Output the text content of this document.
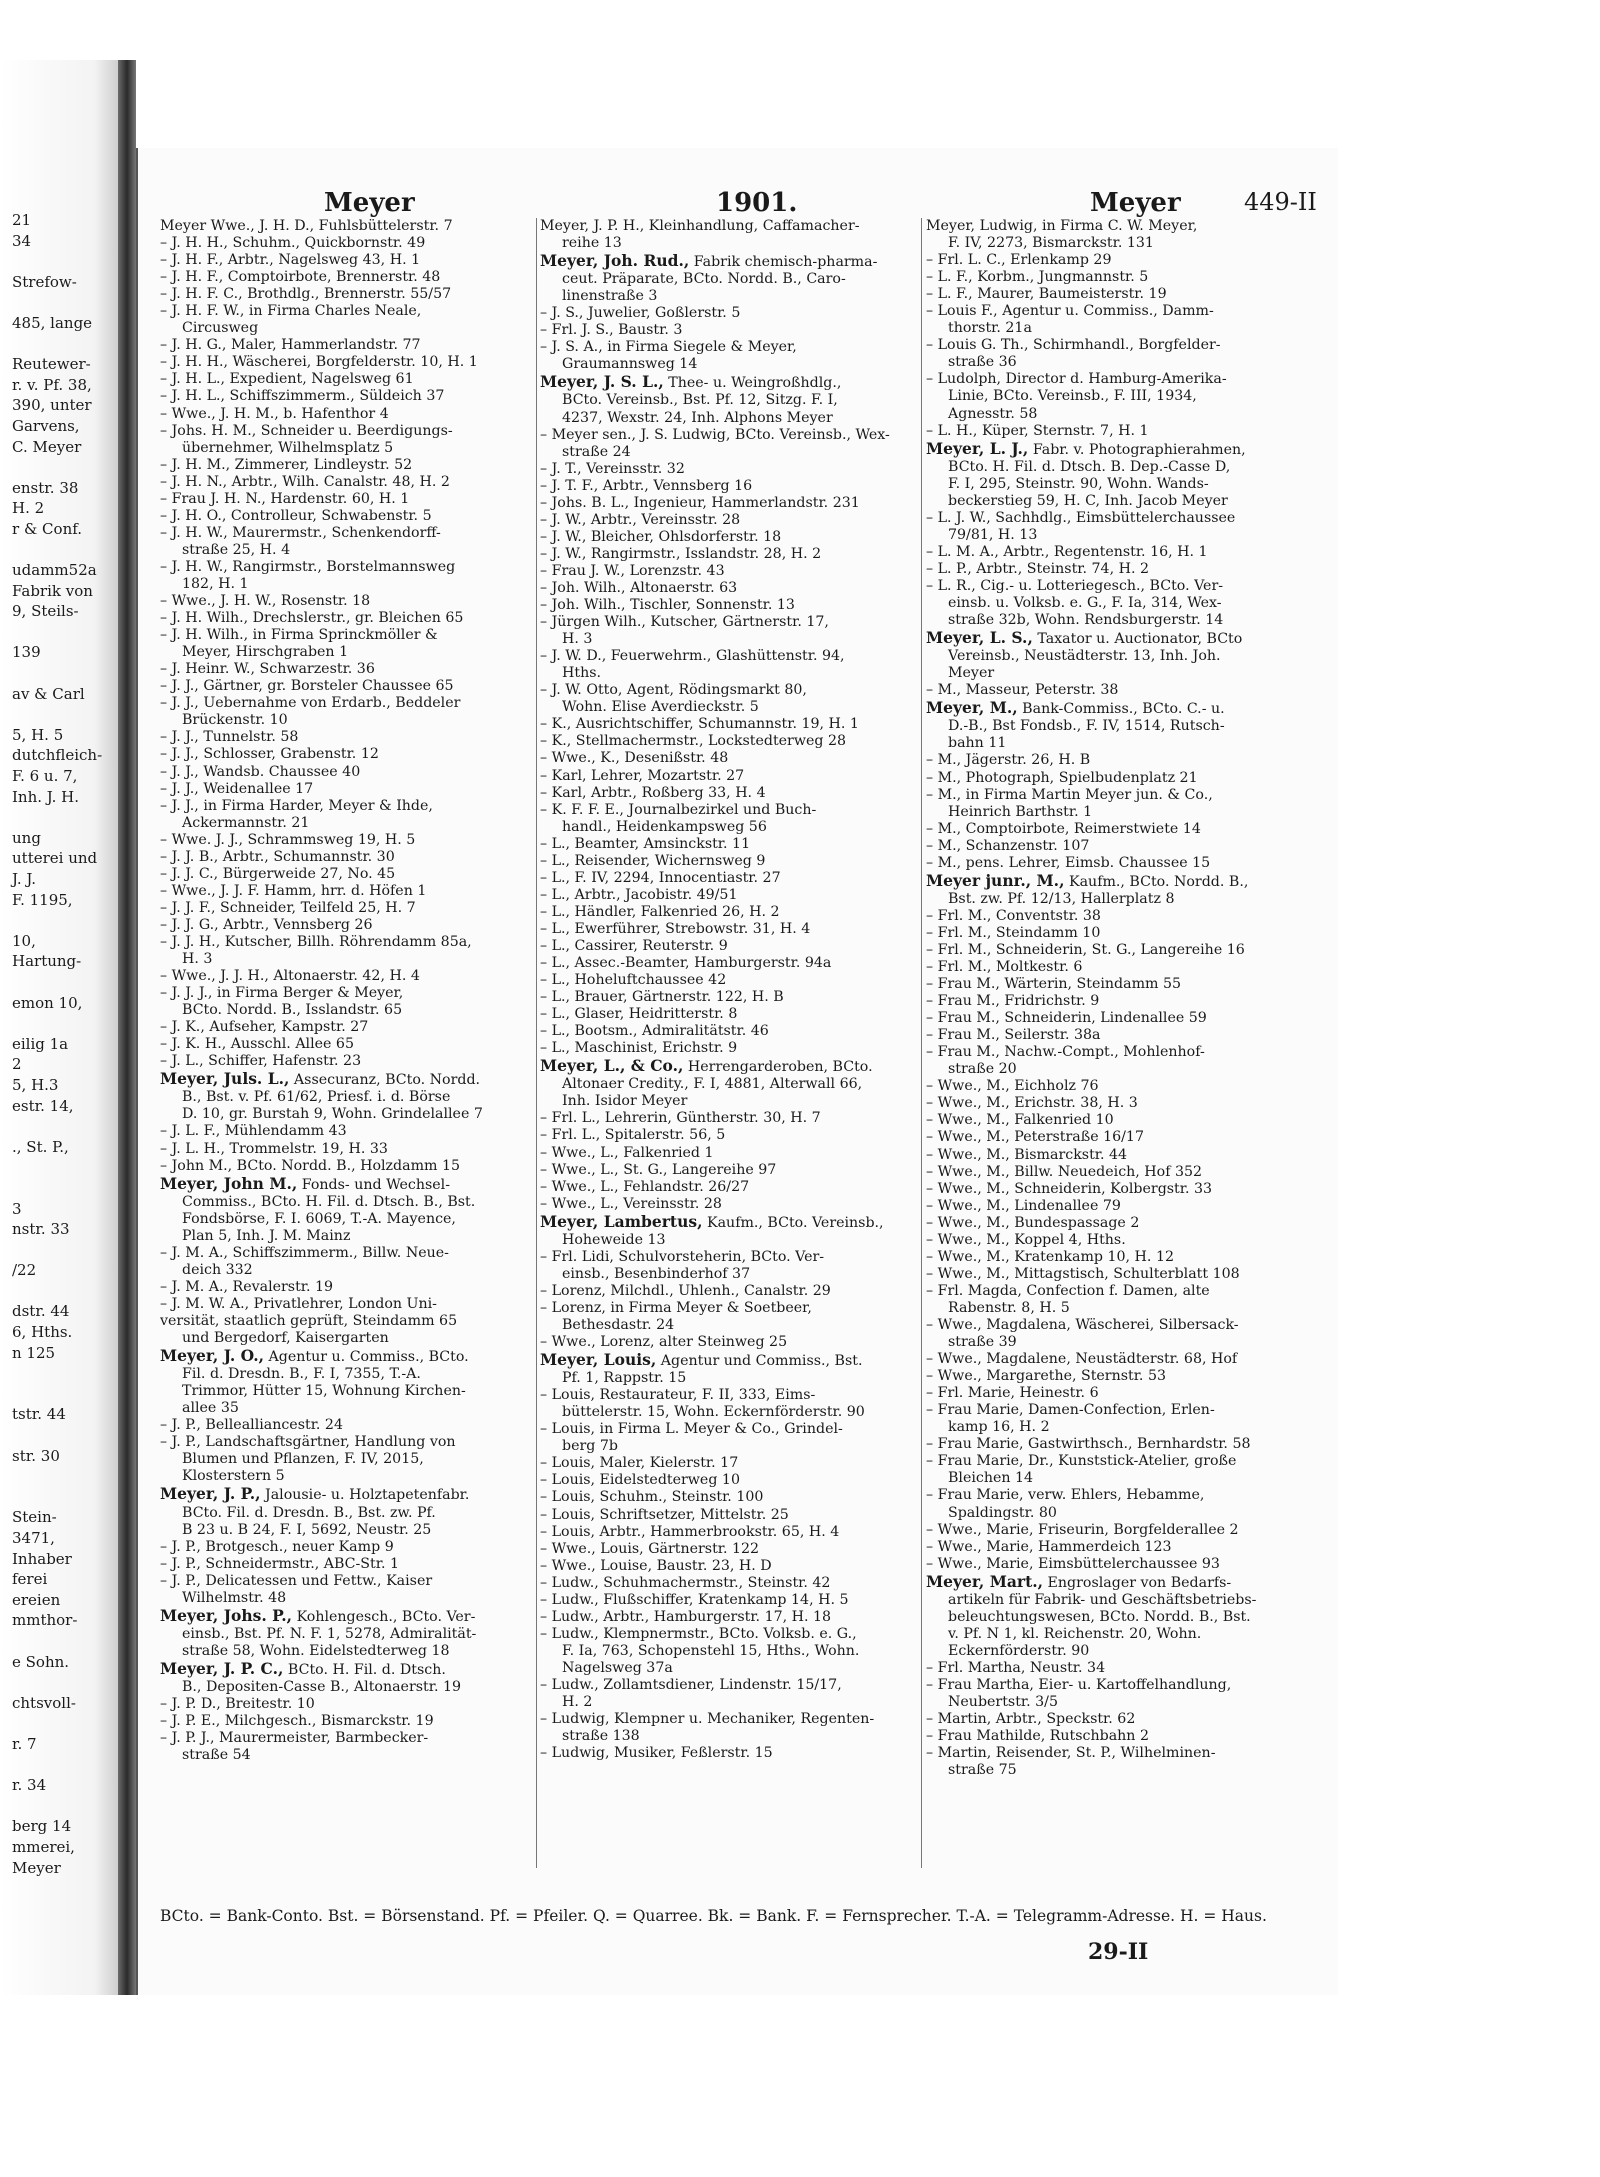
21
34

Strefow-

485, lange

Reutewer-
r. v. Pf. 38,
390, unter
Garvens,
C. Meyer

enstr. 38
H. 2
r & Conf.

udamm52a
Fabrik von
9, Steils-

139

av & Carl

5, H. 5
dutchfleich-
F. 6 u. 7,
Inh. J. H.

ung
utterei und
J. J.
F. 1195,

10,
Hartung-

emon 10,

eilig 1a
2
5, H.3
estr. 14,

., St. P.,

3
nstr. 33

/22

dstr. 44
6, Hths.
n 125

tstr. 44

str. 30

Stein-
3471,
Inhaber
ferei
ereien
mmthor-

e Sohn.

chtsvoll-

r. 7

r. 34

berg 14
mmerei,
Meyer
Meyer	1901.	Meyer	449-II
Meyer Wwe., J. H. D., Fuhlsbüttelerstr. 7
– J. H. H., Schuhm., Quickbornstr. 49
– J. H. F., Arbtr., Nagelsweg 43, H. 1
– J. H. F., Comptoirbote, Brennerstr. 48
– J. H. F. C., Brothdlg., Brennerstr. 55/57
– J. H. F. W., in Firma Charles Neale,
Circusweg
– J. H. G., Maler, Hammerlandstr. 77
– J. H. H., Wäscherei, Borgfelderstr. 10, H. 1
– J. H. L., Expedient, Nagelsweg 61
– J. H. L., Schiffszimmerm., Süldeich 37
– Wwe., J. H. M., b. Hafenthor 4
– Johs. H. M., Schneider u. Beerdigungs-
übernehmer, Wilhelmsplatz 5
– J. H. M., Zimmerer, Lindleystr. 52
– J. H. N., Arbtr., Wilh. Canalstr. 48, H. 2
– Frau J. H. N., Hardenstr. 60, H. 1
– J. H. O., Controlleur, Schwabenstr. 5
– J. H. W., Maurermstr., Schenkendorff-
straße 25, H. 4
– J. H. W., Rangirmstr., Borstelmannsweg
182, H. 1
– Wwe., J. H. W., Rosenstr. 18
– J. H. Wilh., Drechslerstr., gr. Bleichen 65
– J. H. Wilh., in Firma Sprinckmöller &
Meyer, Hirschgraben 1
– J. Heinr. W., Schwarzestr. 36
– J. J., Gärtner, gr. Borsteler Chaussee 65
– J. J., Uebernahme von Erdarb., Beddeler
Brückenstr. 10
– J. J., Tunnelstr. 58
– J. J., Schlosser, Grabenstr. 12
– J. J., Wandsb. Chaussee 40
– J. J., Weidenallee 17
– J. J., in Firma Harder, Meyer & Ihde,
Ackermannstr. 21
– Wwe. J. J., Schrammsweg 19, H. 5
– J. J. B., Arbtr., Schumannstr. 30
– J. J. C., Bürgerweide 27, No. 45
– Wwe., J. J. F. Hamm, hrr. d. Höfen 1
– J. J. F., Schneider, Teilfeld 25, H. 7
– J. J. G., Arbtr., Vennsberg 26
– J. J. H., Kutscher, Billh. Röhrendamm 85a,
H. 3
– Wwe., J. J. H., Altonaerstr. 42, H. 4
– J. J. J., in Firma Berger & Meyer,
BCto. Nordd. B., Isslandstr. 65
– J. K., Aufseher, Kampstr. 27
– J. K. H., Ausschl. Allee 65
– J. L., Schiffer, Hafenstr. 23
Meyer, Juls. L., Assecuranz, BCto. Nordd.
B., Bst. v. Pf. 61/62, Priesf. i. d. Börse
D. 10, gr. Burstah 9, Wohn. Grindelallee 7
– J. L. F., Mühlendamm 43
– J. L. H., Trommelstr. 19, H. 33
– John M., BCto. Nordd. B., Holzdamm 15
Meyer, John M., Fonds- und Wechsel-
Commiss., BCto. H. Fil. d. Dtsch. B., Bst.
Fondsbörse, F. I. 6069, T.-A. Mayence,
Plan 5, Inh. J. M. Mainz
– J. M. A., Schiffszimmerm., Billw. Neue-
deich 332
– J. M. A., Revalerstr. 19
– J. M. W. A., Privatlehrer, London Uni-
versität, staatlich geprüft, Steindamm 65
und Bergedorf, Kaisergarten
Meyer, J. O., Agentur u. Commiss., BCto.
Fil. d. Dresdn. B., F. I, 7355, T.-A.
Trimmor, Hütter 15, Wohnung Kirchen-
allee 35
– J. P., Bellealliancestr. 24
– J. P., Landschaftsgärtner, Handlung von
Blumen und Pflanzen, F. IV, 2015,
Klosterstern 5
Meyer, J. P., Jalousie- u. Holztapetenfabr.
BCto. Fil. d. Dresdn. B., Bst. zw. Pf.
B 23 u. B 24, F. I, 5692, Neustr. 25
– J. P., Brotgesch., neuer Kamp 9
– J. P., Schneidermstr., ABC-Str. 1
– J. P., Delicatessen und Fettw., Kaiser
Wilhelmstr. 48
Meyer, Johs. P., Kohlengesch., BCto. Ver-
einsb., Bst. Pf. N. F. 1, 5278, Admiralität-
straße 58, Wohn. Eidelstedterweg 18
Meyer, J. P. C., BCto. H. Fil. d. Dtsch.
B., Depositen-Casse B., Altonaerstr. 19
– J. P. D., Breitestr. 10
– J. P. E., Milchgesch., Bismarckstr. 19
– J. P. J., Maurermeister, Barmbecker-
straße 54
Meyer, J. P. H., Kleinhandlung, Caffamacher-
reihe 13
Meyer, Joh. Rud., Fabrik chemisch-pharma-
ceut. Präparate, BCto. Nordd. B., Caro-
linenstraße 3
– J. S., Juwelier, Goßlerstr. 5
– Frl. J. S., Baustr. 3
– J. S. A., in Firma Siegele & Meyer,
Graumannsweg 14
Meyer, J. S. L., Thee- u. Weingroßhdlg.,
BCto. Vereinsb., Bst. Pf. 12, Sitzg. F. I,
4237, Wexstr. 24, Inh. Alphons Meyer
– Meyer sen., J. S. Ludwig, BCto. Vereinsb., Wex-
straße 24
– J. T., Vereinsstr. 32
– J. T. F., Arbtr., Vennsberg 16
– Johs. B. L., Ingenieur, Hammerlandstr. 231
– J. W., Arbtr., Vereinsstr. 28
– J. W., Bleicher, Ohlsdorferstr. 18
– J. W., Rangirmstr., Isslandstr. 28, H. 2
– Frau J. W., Lorenzstr. 43
– Joh. Wilh., Altonaerstr. 63
– Joh. Wilh., Tischler, Sonnenstr. 13
– Jürgen Wilh., Kutscher, Gärtnerstr. 17,
H. 3
– J. W. D., Feuerwehrm., Glashüttenstr. 94,
Hths.
– J. W. Otto, Agent, Rödingsmarkt 80,
Wohn. Elise Averdieckstr. 5
– K., Ausrichtschiffer, Schumannstr. 19, H. 1
– K., Stellmachermstr., Lockstedterweg 28
– Wwe., K., Desenißstr. 48
– Karl, Lehrer, Mozartstr. 27
– Karl, Arbtr., Roßberg 33, H. 4
– K. F. F. E., Journalbezirkel und Buch-
handl., Heidenkampsweg 56
– L., Beamter, Amsinckstr. 11
– L., Reisender, Wichernsweg 9
– L., F. IV, 2294, Innocentiastr. 27
– L., Arbtr., Jacobistr. 49/51
– L., Händler, Falkenried 26, H. 2
– L., Ewerführer, Strebowstr. 31, H. 4
– L., Cassirer, Reuterstr. 9
– L., Assec.-Beamter, Hamburgerstr. 94a
– L., Hoheluftchaussee 42
– L., Brauer, Gärtnerstr. 122, H. B
– L., Glaser, Heidritterstr. 8
– L., Bootsm., Admiralitätstr. 46
– L., Maschinist, Erichstr. 9
Meyer, L., & Co., Herrengarderoben, BCto.
Altonaer Credity., F. I, 4881, Alterwall 66,
Inh. Isidor Meyer
– Frl. L., Lehrerin, Güntherstr. 30, H. 7
– Frl. L., Spitalerstr. 56, 5
– Wwe., L., Falkenried 1
– Wwe., L., St. G., Langereihe 97
– Wwe., L., Fehlandstr. 26/27
– Wwe., L., Vereinsstr. 28
Meyer, Lambertus, Kaufm., BCto. Vereinsb.,
Hoheweide 13
– Frl. Lidi, Schulvorsteherin, BCto. Ver-
einsb., Besenbinderhof 37
– Lorenz, Milchdl., Uhlenh., Canalstr. 29
– Lorenz, in Firma Meyer & Soetbeer,
Bethesdastr. 24
– Wwe., Lorenz, alter Steinweg 25
Meyer, Louis, Agentur und Commiss., Bst.
Pf. 1, Rappstr. 15
– Louis, Restaurateur, F. II, 333, Eims-
büttelerstr. 15, Wohn. Eckernförderstr. 90
– Louis, in Firma L. Meyer & Co., Grindel-
berg 7b
– Louis, Maler, Kielerstr. 17
– Louis, Eidelstedterweg 10
– Louis, Schuhm., Steinstr. 100
– Louis, Schriftsetzer, Mittelstr. 25
– Louis, Arbtr., Hammerbrookstr. 65, H. 4
– Wwe., Louis, Gärtnerstr. 122
– Wwe., Louise, Baustr. 23, H. D
– Ludw., Schuhmachermstr., Steinstr. 42
– Ludw., Flußschiffer, Kratenkamp 14, H. 5
– Ludw., Arbtr., Hamburgerstr. 17, H. 18
– Ludw., Klempnermstr., BCto. Volksb. e. G.,
F. Ia, 763, Schopenstehl 15, Hths., Wohn.
Nagelsweg 37a
– Ludw., Zollamtsdiener, Lindenstr. 15/17,
H. 2
– Ludwig, Klempner u. Mechaniker, Regenten-
straße 138
– Ludwig, Musiker, Feßlerstr. 15
Meyer, Ludwig, in Firma C. W. Meyer,
F. IV, 2273, Bismarckstr. 131
– Frl. L. C., Erlenkamp 29
– L. F., Korbm., Jungmannstr. 5
– L. F., Maurer, Baumeisterstr. 19
– Louis F., Agentur u. Commiss., Damm-
thorstr. 21a
– Louis G. Th., Schirmhandl., Borgfelder-
straße 36
– Ludolph, Director d. Hamburg-Amerika-
Linie, BCto. Vereinsb., F. III, 1934,
Agnesstr. 58
– L. H., Küper, Sternstr. 7, H. 1
Meyer, L. J., Fabr. v. Photographierahmen,
BCto. H. Fil. d. Dtsch. B. Dep.-Casse D,
F. I, 295, Steinstr. 90, Wohn. Wands-
beckerstieg 59, H. C, Inh. Jacob Meyer
– L. J. W., Sachhdlg., Eimsbüttelerchaussee
79/81, H. 13
– L. M. A., Arbtr., Regentenstr. 16, H. 1
– L. P., Arbtr., Steinstr. 74, H. 2
– L. R., Cig.- u. Lotteriegesch., BCto. Ver-
einsb. u. Volksb. e. G., F. Ia, 314, Wex-
straße 32b, Wohn. Rendsburgerstr. 14
Meyer, L. S., Taxator u. Auctionator, BCto
Vereinsb., Neustädterstr. 13, Inh. Joh.
Meyer
– M., Masseur, Peterstr. 38
Meyer, M., Bank-Commiss., BCto. C.- u.
D.-B., Bst Fondsb., F. IV, 1514, Rutsch-
bahn 11
– M., Jägerstr. 26, H. B
– M., Photograph, Spielbudenplatz 21
– M., in Firma Martin Meyer jun. & Co.,
Heinrich Barthstr. 1
– M., Comptoirbote, Reimerstwiete 14
– M., Schanzenstr. 107
– M., pens. Lehrer, Eimsb. Chaussee 15
Meyer junr., M., Kaufm., BCto. Nordd. B.,
Bst. zw. Pf. 12/13, Hallerplatz 8
– Frl. M., Conventstr. 38
– Frl. M., Steindamm 10
– Frl. M., Schneiderin, St. G., Langereihe 16
– Frl. M., Moltkestr. 6
– Frau M., Wärterin, Steindamm 55
– Frau M., Fridrichstr. 9
– Frau M., Schneiderin, Lindenallee 59
– Frau M., Seilerstr. 38a
– Frau M., Nachw.-Compt., Mohlenhof-
straße 20
– Wwe., M., Eichholz 76
– Wwe., M., Erichstr. 38, H. 3
– Wwe., M., Falkenried 10
– Wwe., M., Peterstraße 16/17
– Wwe., M., Bismarckstr. 44
– Wwe., M., Billw. Neuedeich, Hof 352
– Wwe., M., Schneiderin, Kolbergstr. 33
– Wwe., M., Lindenallee 79
– Wwe., M., Bundespassage 2
– Wwe., M., Koppel 4, Hths.
– Wwe., M., Kratenkamp 10, H. 12
– Wwe., M., Mittagstisch, Schulterblatt 108
– Frl. Magda, Confection f. Damen, alte
Rabenstr. 8, H. 5
– Wwe., Magdalena, Wäscherei, Silbersack-
straße 39
– Wwe., Magdalene, Neustädterstr. 68, Hof
– Wwe., Margarethe, Sternstr. 53
– Frl. Marie, Heinestr. 6
– Frau Marie, Damen-Confection, Erlen-
kamp 16, H. 2
– Frau Marie, Gastwirthsch., Bernhardstr. 58
– Frau Marie, Dr., Kunststick-Atelier, große
Bleichen 14
– Frau Marie, verw. Ehlers, Hebamme,
Spaldingstr. 80
– Wwe., Marie, Friseurin, Borgfelderallee 2
– Wwe., Marie, Hammerdeich 123
– Wwe., Marie, Eimsbüttelerchaussee 93
Meyer, Mart., Engroslager von Bedarfs-
artikeln für Fabrik- und Geschäftsbetriebs-
beleuchtungswesen, BCto. Nordd. B., Bst.
v. Pf. N 1, kl. Reichenstr. 20, Wohn.
Eckernförderstr. 90
– Frl. Martha, Neustr. 34
– Frau Martha, Eier- u. Kartoffelhandlung,
Neubertstr. 3/5
– Martin, Arbtr., Speckstr. 62
– Frau Mathilde, Rutschbahn 2
– Martin, Reisender, St. P., Wilhelminen-
straße 75
BCto. = Bank-Conto. Bst. = Börsenstand. Pf. = Pfeiler. Q. = Quarree. Bk. = Bank. F. = Fernsprecher. T.-A. = Telegramm-Adresse. H. = Haus.
29-II
